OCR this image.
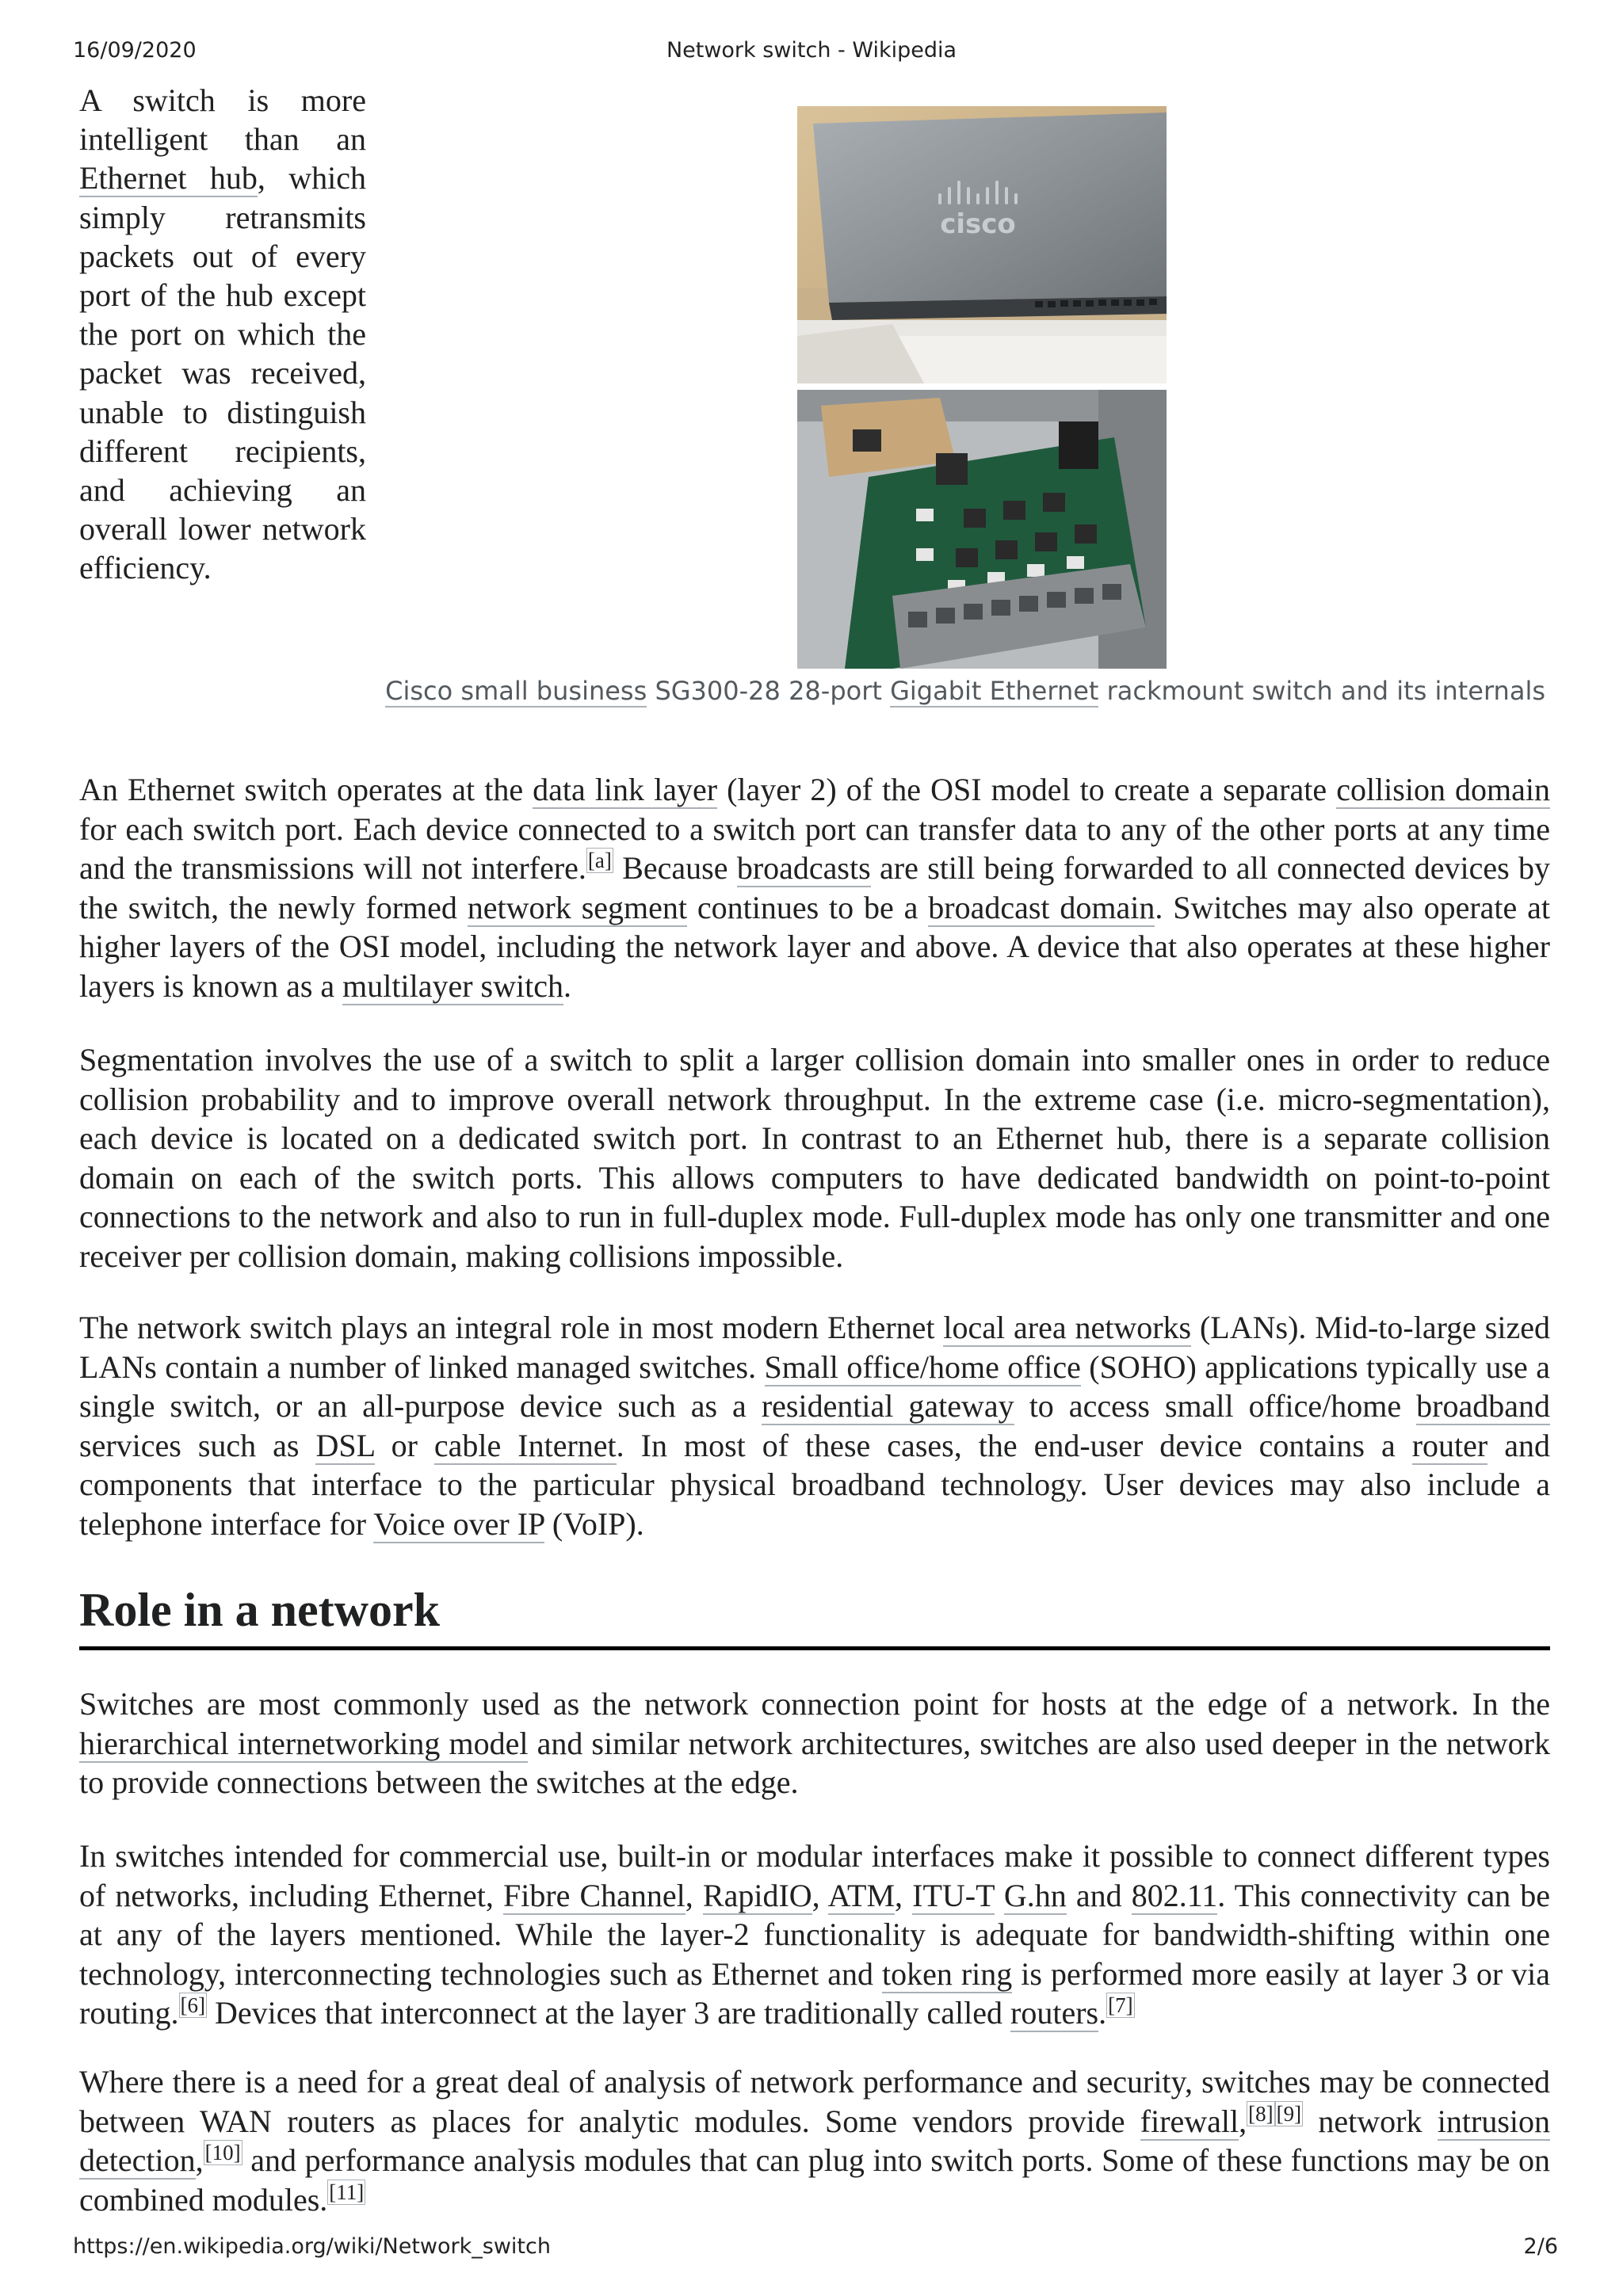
16/09/2020	Network switch - Wikipedia
A switch is more intelligent than an Ethernet hub, which simply retransmits packets out of every port of the hub except the port on which the packet was received, unable to distinguish different recipients, and achieving an overall lower network efficiency.
cisco
Cisco small business SG300-28 28-port Gigabit Ethernet rackmount switch and its internals

An Ethernet switch operates at the data link layer (layer 2) of the OSI model to create a separate collision domain for each switch port. Each device connected to a switch port can transfer data to any of the other ports at any time and the transmissions will not interfere.[a] Because broadcasts are still being forwarded to all connected devices by the switch, the newly formed network segment continues to be a broadcast domain. Switches may also operate at higher layers of the OSI model, including the network layer and above. A device that also operates at these higher layers is known as a multilayer switch.

Segmentation involves the use of a switch to split a larger collision domain into smaller ones in order to reduce collision probability and to improve overall network throughput. In the extreme case (i.e. micro-segmentation), each device is located on a dedicated switch port. In contrast to an Ethernet hub, there is a separate collision domain on each of the switch ports. This allows computers to have dedicated bandwidth on point-to-point connections to the network and also to run in full-duplex mode. Full-duplex mode has only one transmitter and one receiver per collision domain, making collisions impossible.

The network switch plays an integral role in most modern Ethernet local area networks (LANs). Mid-to-large sized LANs contain a number of linked managed switches. Small office/home office (SOHO) applications typically use a single switch, or an all-purpose device such as a residential gateway to access small office/home broadband services such as DSL or cable Internet. In most of these cases, the end-user device contains a router and components that interface to the particular physical broadband technology. User devices may also include a telephone interface for Voice over IP (VoIP).

Role in a network

Switches are most commonly used as the network connection point for hosts at the edge of a network. In the hierarchical internetworking model and similar network architectures, switches are also used deeper in the network to provide connections between the switches at the edge.

In switches intended for commercial use, built-in or modular interfaces make it possible to connect different types of networks, including Ethernet, Fibre Channel, RapidIO, ATM, ITU-T G.hn and 802.11. This connectivity can be at any of the layers mentioned. While the layer-2 functionality is adequate for bandwidth-shifting within one technology, interconnecting technologies such as Ethernet and token ring is performed more easily at layer 3 or via routing.[6] Devices that interconnect at the layer 3 are traditionally called routers.[7]

Where there is a need for a great deal of analysis of network performance and security, switches may be connected between WAN routers as places for analytic modules. Some vendors provide firewall,[8] [9] network intrusion detection,[10] and performance analysis modules that can plug into switch ports. Some of these functions may be on combined modules.[11]

https://en.wikipedia.org/wiki/Network_switch	2/6
